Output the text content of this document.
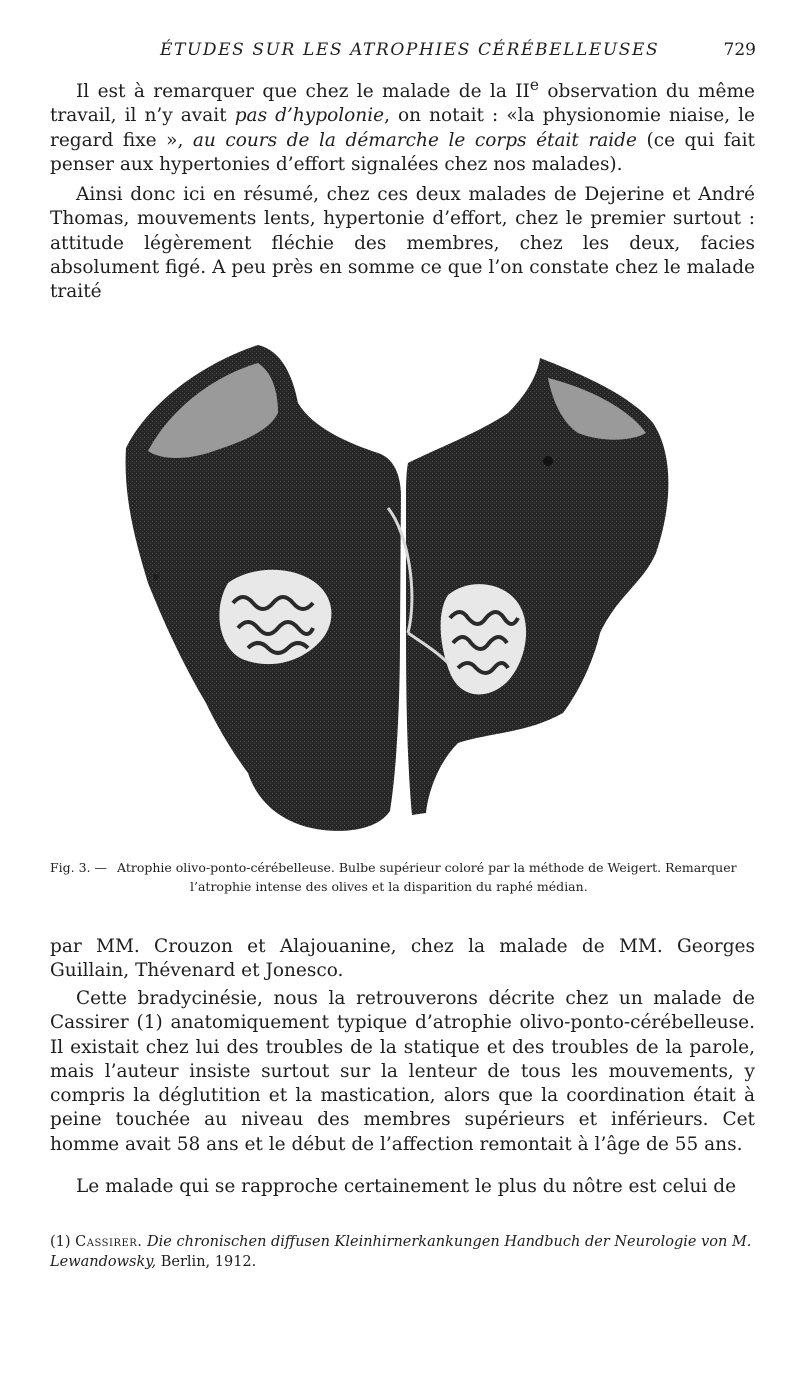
ÉTUDES SUR LES ATROPHIES CÉRÉBELLEUSES	729

Il est à remarquer que chez le malade de la IIe observation du même travail, il n’y avait pas d’hypolonie, on notait : «la physionomie niaise, le regard fixe », au cours de la démarche le corps était raide (ce qui fait penser aux hypertonies d’effort signalées chez nos malades).

Ainsi donc ici en résumé, chez ces deux malades de Dejerine et André Thomas, mouvements lents, hypertonie d’effort, chez le premier surtout : attitude légèrement fléchie des membres, chez les deux, facies absolument figé. A peu près en somme ce que l’on constate chez le malade traité

Fig. 3. — Atrophie olivo-ponto-cérébelleuse. Bulbe supérieur coloré par la méthode de Weigert. Remarquer
l’atrophie intense des olives et la disparition du raphé médian.

par MM. Crouzon et Alajouanine, chez la malade de MM. Georges Guillain, Thévenard et Jonesco.

Cette bradycinésie, nous la retrouverons décrite chez un malade de Cassirer (1) anatomiquement typique d’atrophie olivo-ponto-cérébelleuse. Il existait chez lui des troubles de la statique et des troubles de la parole, mais l’auteur insiste surtout sur la lenteur de tous les mouvements, y compris la déglutition et la mastication, alors que la coordination était à peine touchée au niveau des membres supérieurs et inférieurs. Cet homme avait 58 ans et le début de l’affection remontait à l’âge de 55 ans.

Le malade qui se rapproche certainement le plus du nôtre est celui de

(1) Cassirer. Die chronischen diffusen Kleinhirnerkankungen Handbuch der Neurologie von M. Lewandowsky, Berlin, 1912.
